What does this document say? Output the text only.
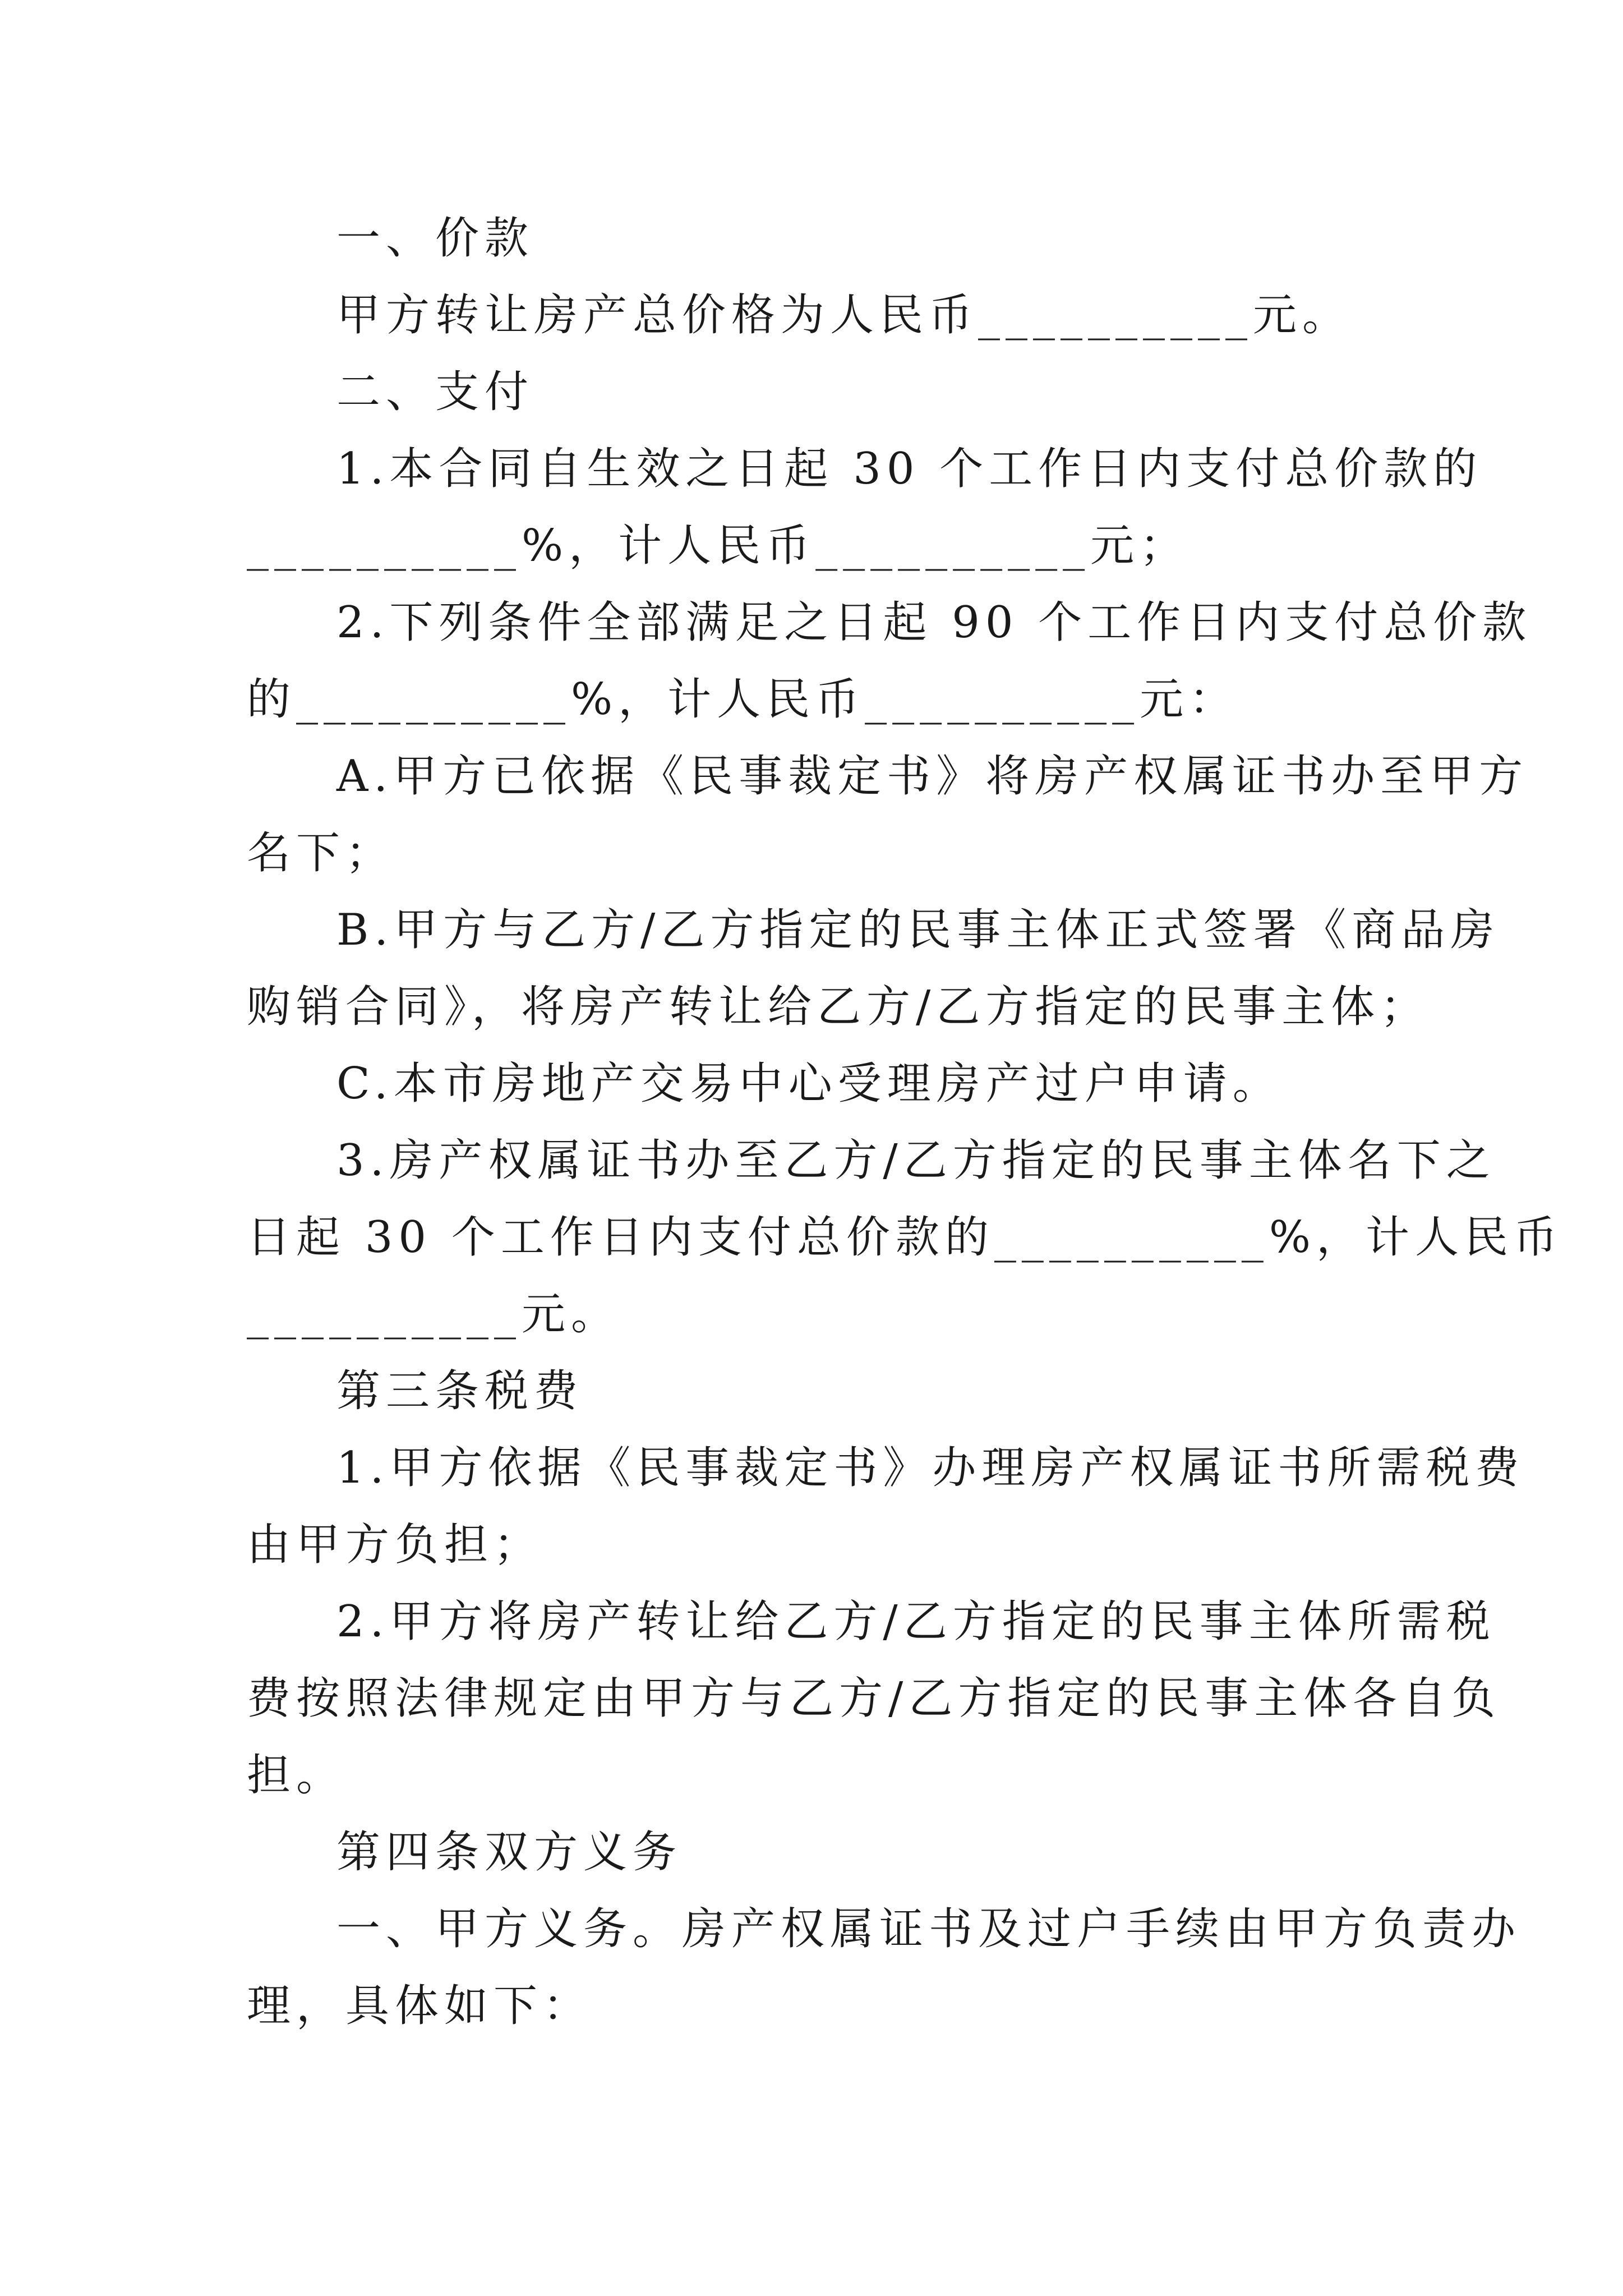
一、价款
甲方转让房产总价格为人民币__________元。
二、支付
1.本合同自生效之日起 30 个工作日内支付总价款的
__________%，计人民币__________元；
2.下列条件全部满足之日起 90 个工作日内支付总价款
的__________%，计人民币__________元：
A.甲方已依据《民事裁定书》将房产权属证书办至甲方
名下；
B.甲方与乙方/乙方指定的民事主体正式签署《商品房
购销合同》，将房产转让给乙方/乙方指定的民事主体；
C.本市房地产交易中心受理房产过户申请。
3.房产权属证书办至乙方/乙方指定的民事主体名下之
日起 30 个工作日内支付总价款的__________%，计人民币
__________元。
第三条税费
1.甲方依据《民事裁定书》办理房产权属证书所需税费
由甲方负担；
2.甲方将房产转让给乙方/乙方指定的民事主体所需税
费按照法律规定由甲方与乙方/乙方指定的民事主体各自负
担。
第四条双方义务
一、甲方义务。房产权属证书及过户手续由甲方负责办
理，具体如下：
